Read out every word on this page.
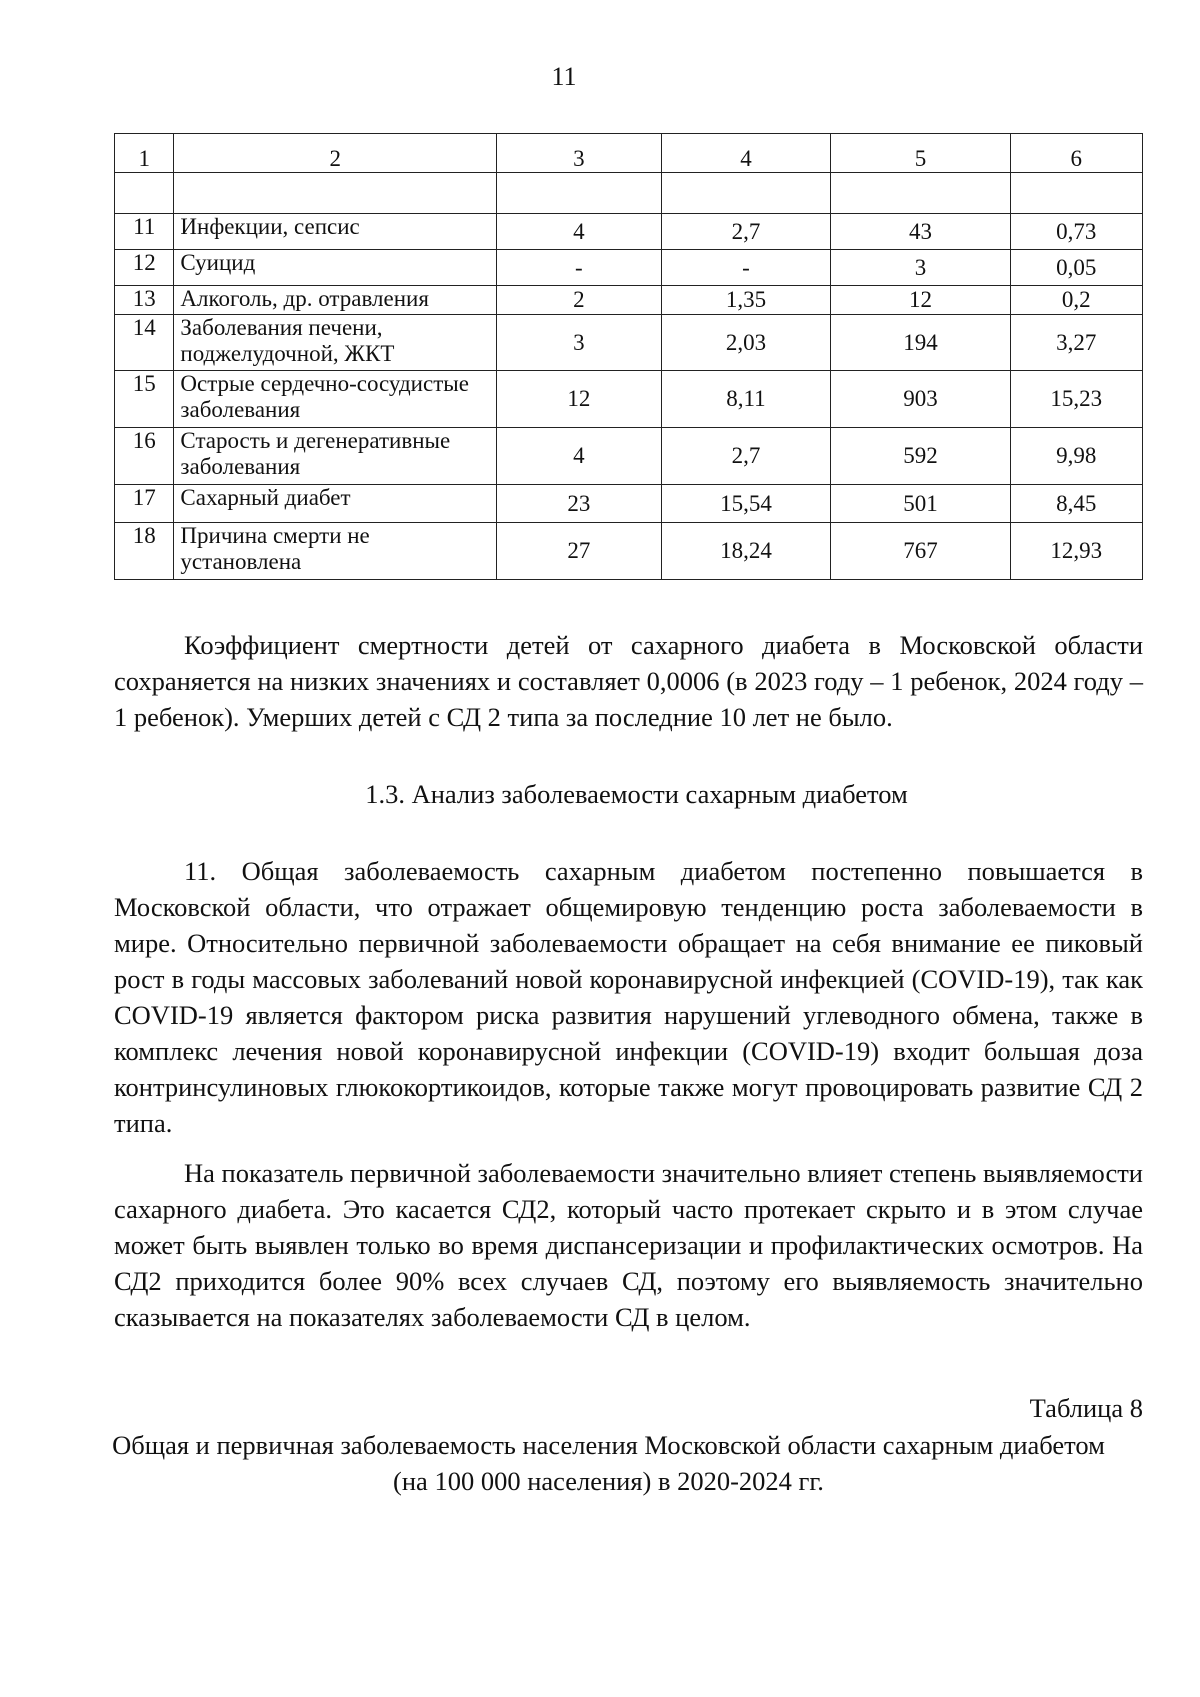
11
1	2	3	4	5	6

11	Инфекции, сепсис	4	2,7	43	0,73
12	Суицид	-	-	3	0,05
13	Алкоголь, др. отравления	2	1,35	12	0,2
14	Заболевания печени, поджелудочной, ЖКТ	3	2,03	194	3,27
15	Острые сердечно-сосудистые заболевания	12	8,11	903	15,23
16	Старость и дегенеративные заболевания	4	2,7	592	9,98
17	Сахарный диабет	23	15,54	501	8,45
18	Причина смерти не установлена	27	18,24	767	12,93

Коэффициент смертности детей от сахарного диабета в Московской области сохраняется на низких значениях и составляет 0,0006 (в 2023 году – 1 ребенок, 2024 году – 1 ребенок). Умерших детей с СД 2 типа за последние 10 лет не было.

1.3. Анализ заболеваемости сахарным диабетом

11. Общая заболеваемость сахарным диабетом постепенно повышается в Московской области, что отражает общемировую тенденцию роста заболеваемости в мире. Относительно первичной заболеваемости обращает на себя внимание ее пиковый рост в годы массовых заболеваний новой коронавирусной инфекцией (COVID-19), так как COVID-19 является фактором риска развития нарушений углеводного обмена, также в комплекс лечения новой коронавирусной инфекции (COVID-19) входит большая доза контринсулиновых глюкокортикоидов, которые также могут провоцировать развитие СД 2 типа.

На показатель первичной заболеваемости значительно влияет степень выявляемости сахарного диабета. Это касается СД2, который часто протекает скрыто и в этом случае может быть выявлен только во время диспансеризации и профилактических осмотров. На СД2 приходится более 90% всех случаев СД, поэтому его выявляемость значительно сказывается на показателях заболеваемости СД в целом.

Таблица 8
Общая и первичная заболеваемость населения Московской области сахарным диабетом (на 100 000 населения) в 2020-2024 гг.
